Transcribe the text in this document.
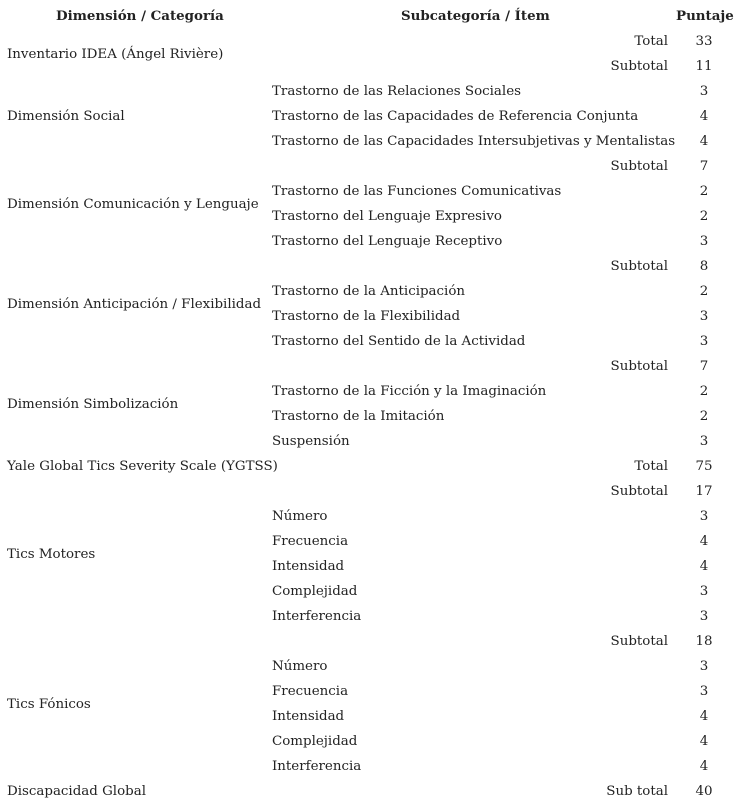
Dimensión / Categoría	Subcategoría / Ítem	Puntaje
Inventario IDEA (Ángel Rivière)
Total	33
Subtotal	11
Dimensión Social
Trastorno de las Relaciones Sociales	3
Trastorno de las Capacidades de Referencia Conjunta	4
Trastorno de las Capacidades Intersubjetivas y Mentalistas	4
Dimensión Comunicación y Lenguaje
Subtotal	7
Trastorno de las Funciones Comunicativas	2
Trastorno del Lenguaje Expresivo	2
Trastorno del Lenguaje Receptivo	3
Dimensión Anticipación / Flexibilidad
Subtotal	8
Trastorno de la Anticipación	2
Trastorno de la Flexibilidad	3
Trastorno del Sentido de la Actividad	3
Dimensión Simbolización
Subtotal	7
Trastorno de la Ficción y la Imaginación	2
Trastorno de la Imitación	2
Suspensión	3
Yale Global Tics Severity Scale (YGTSS)	Total	75
Tics Motores
Subtotal	17
Número	3
Frecuencia	4
Intensidad	4
Complejidad	3
Interferencia	3
Tics Fónicos
Subtotal	18
Número	3
Frecuencia	3
Intensidad	4
Complejidad	4
Interferencia	4
Discapacidad Global	Sub total	40
